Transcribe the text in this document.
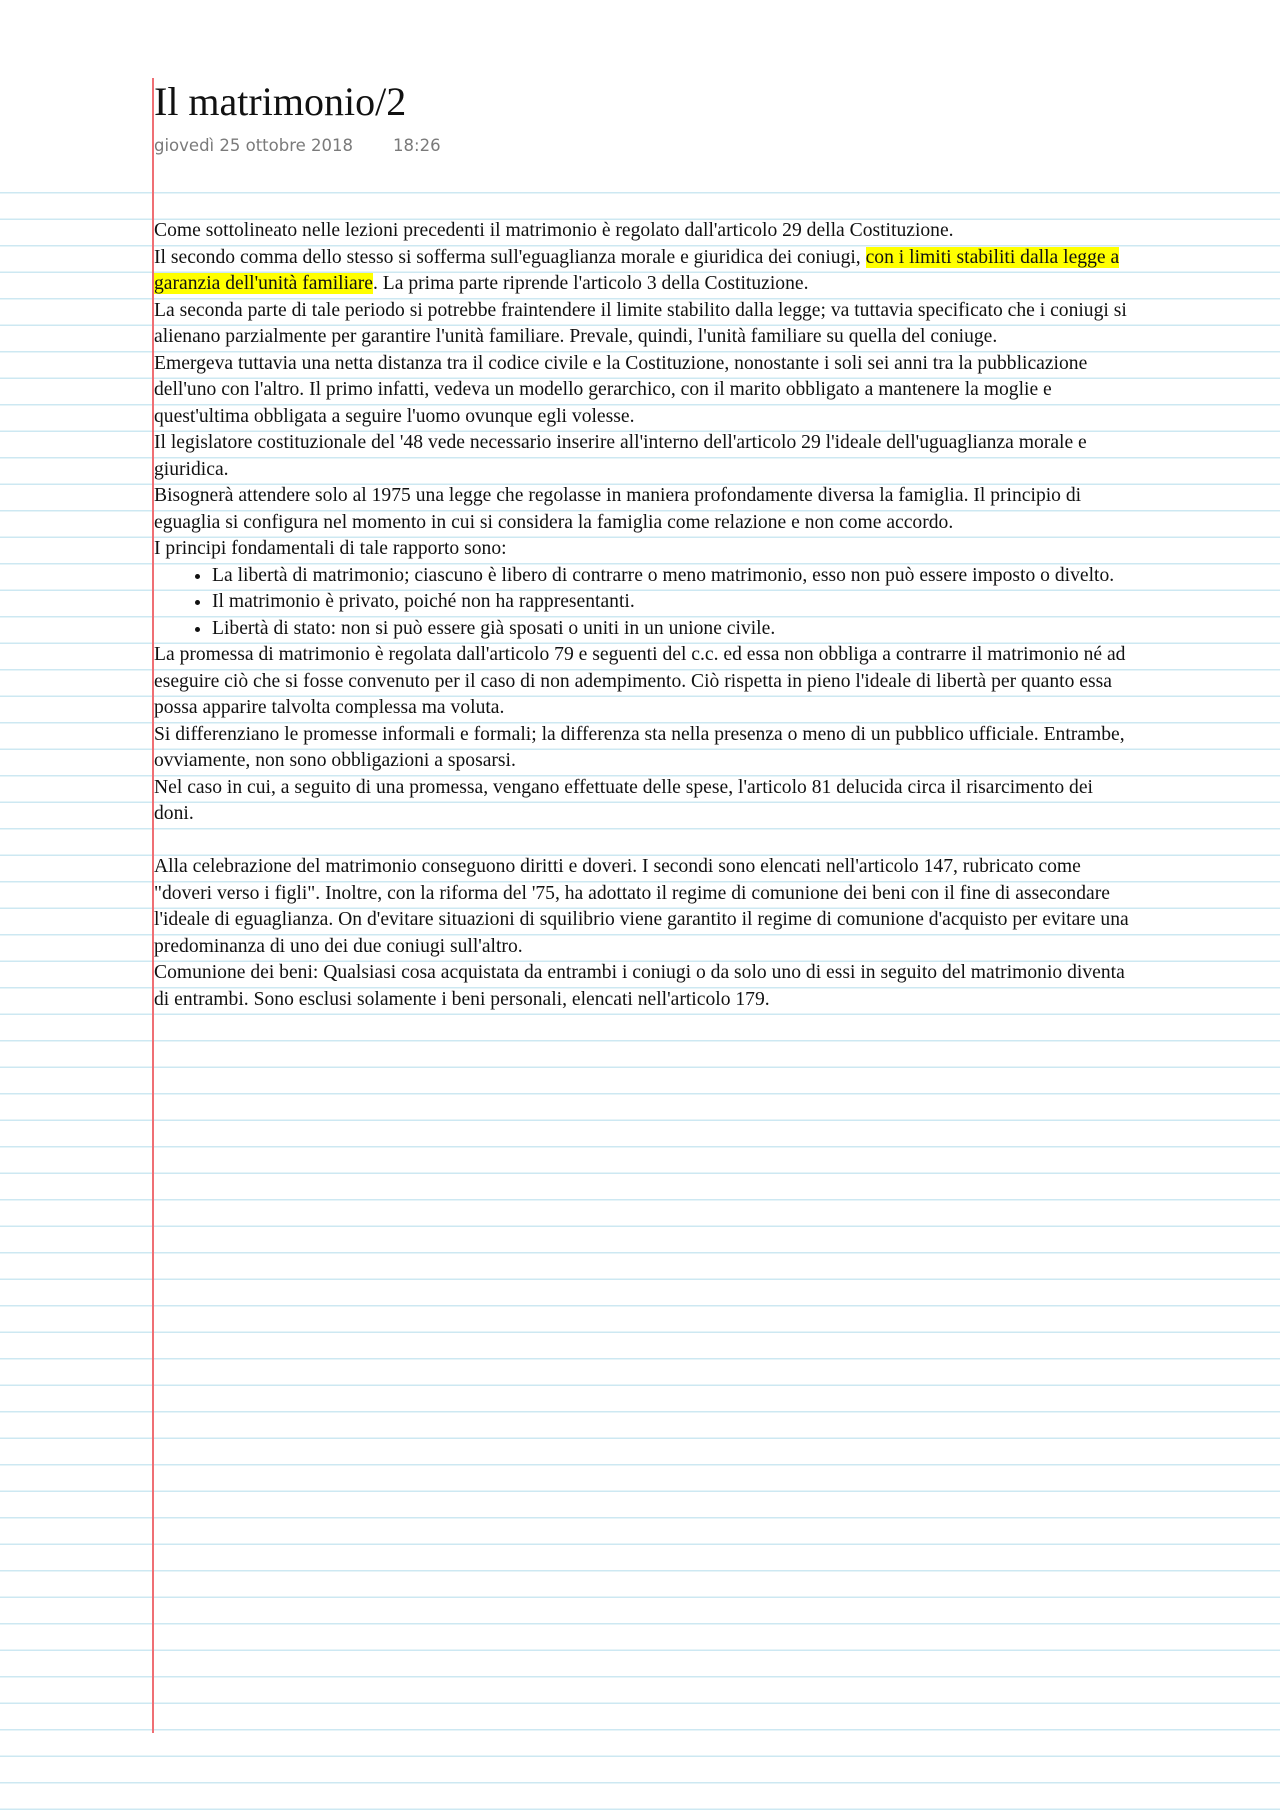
Il matrimonio/2
giovedì 25 ottobre 2018 18:26

Come sottolineato nelle lezioni precedenti il matrimonio è regolato dall'articolo 29 della Costituzione.

Il secondo comma dello stesso si sofferma sull'eguaglianza morale e giuridica dei coniugi, con i limiti stabiliti dalla legge a garanzia dell'unità familiare. La prima parte riprende l'articolo 3 della Costituzione.

La seconda parte di tale periodo si potrebbe fraintendere il limite stabilito dalla legge; va tuttavia specificato che i coniugi si alienano parzialmente per garantire l'unità familiare. Prevale, quindi, l'unità familiare su quella del coniuge.

Emergeva tuttavia una netta distanza tra il codice civile e la Costituzione, nonostante i soli sei anni tra la pubblicazione dell'uno con l'altro. Il primo infatti, vedeva un modello gerarchico, con il marito obbligato a mantenere la moglie e quest'ultima obbligata a seguire l'uomo ovunque egli volesse.

Il legislatore costituzionale del '48 vede necessario inserire all'interno dell'articolo 29 l'ideale dell'uguaglianza morale e giuridica.

Bisognerà attendere solo al 1975 una legge che regolasse in maniera profondamente diversa la famiglia. Il principio di eguaglia si configura nel momento in cui si considera la famiglia come relazione e non come accordo.

I principi fondamentali di tale rapporto sono:

• La libertà di matrimonio; ciascuno è libero di contrarre o meno matrimonio, esso non può essere imposto o divelto.
• Il matrimonio è privato, poiché non ha rappresentanti.
• Libertà di stato: non si può essere già sposati o uniti in un unione civile.

La promessa di matrimonio è regolata dall'articolo 79 e seguenti del c.c. ed essa non obbliga a contrarre il matrimonio né ad eseguire ciò che si fosse convenuto per il caso di non adempimento. Ciò rispetta in pieno l'ideale di libertà per quanto essa possa apparire talvolta complessa ma voluta.

Si differenziano le promesse informali e formali; la differenza sta nella presenza o meno di un pubblico ufficiale. Entrambe, ovviamente, non sono obbligazioni a sposarsi.

Nel caso in cui, a seguito di una promessa, vengano effettuate delle spese, l'articolo 81 delucida circa il risarcimento dei doni.

Alla celebrazione del matrimonio conseguono diritti e doveri. I secondi sono elencati nell'articolo 147, rubricato come "doveri verso i figli". Inoltre, con la riforma del '75, ha adottato il regime di comunione dei beni con il fine di assecondare l'ideale di eguaglianza. On d'evitare situazioni di squilibrio viene garantito il regime di comunione d'acquisto per evitare una predominanza di uno dei due coniugi sull'altro.

Comunione dei beni: Qualsiasi cosa acquistata da entrambi i coniugi o da solo uno di essi in seguito del matrimonio diventa di entrambi. Sono esclusi solamente i beni personali, elencati nell'articolo 179.
